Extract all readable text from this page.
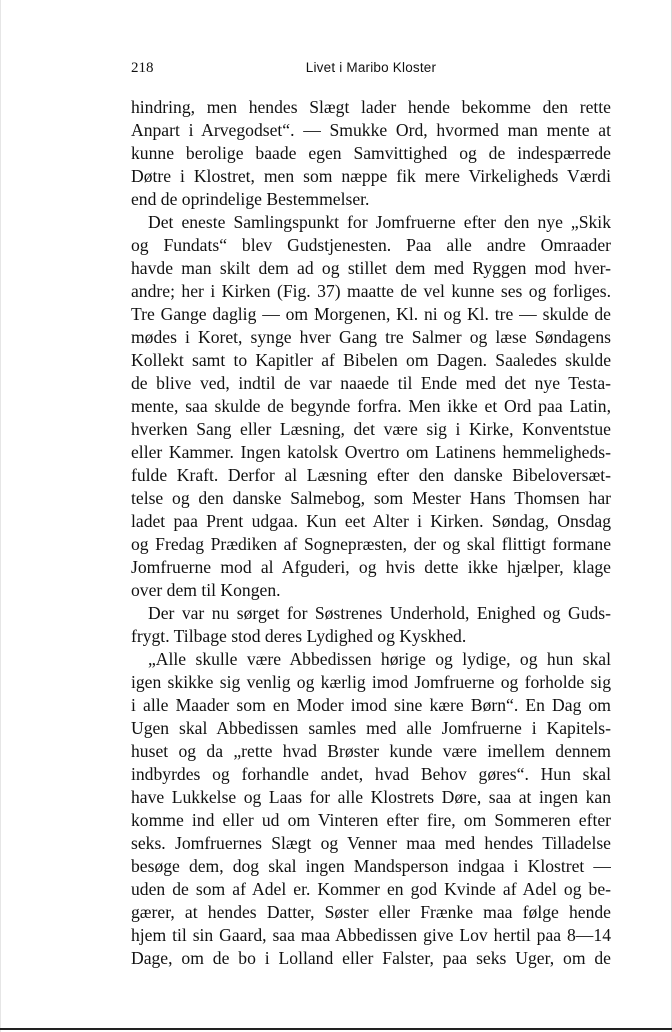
218	Livet i Maribo Kloster
hindring, men hendes Slægt lader hende bekomme den rette
Anpart i Arvegodset“. — Smukke Ord, hvormed man mente at
kunne berolige baade egen Samvittighed og de indespærrede
Døtre i Klostret, men som næppe fik mere Virkeligheds Værdi
end de oprindelige Bestemmelser.
Det eneste Samlingspunkt for Jomfruerne efter den nye „Skik
og Fundats“ blev Gudstjenesten. Paa alle andre Omraader
havde man skilt dem ad og stillet dem med Ryggen mod hver-
andre; her i Kirken (Fig. 37) maatte de vel kunne ses og forliges.
Tre Gange daglig — om Morgenen, Kl. ni og Kl. tre — skulde de
mødes i Koret, synge hver Gang tre Salmer og læse Søndagens
Kollekt samt to Kapitler af Bibelen om Dagen. Saaledes skulde
de blive ved, indtil de var naaede til Ende med det nye Testa-
mente, saa skulde de begynde forfra. Men ikke et Ord paa Latin,
hverken Sang eller Læsning, det være sig i Kirke, Konventstue
eller Kammer. Ingen katolsk Overtro om Latinens hemmeligheds-
fulde Kraft. Derfor al Læsning efter den danske Bibeloversæt-
telse og den danske Salmebog, som Mester Hans Thomsen har
ladet paa Prent udgaa. Kun eet Alter i Kirken. Søndag, Onsdag
og Fredag Prædiken af Sognepræsten, der og skal flittigt formane
Jomfruerne mod al Afguderi, og hvis dette ikke hjælper, klage
over dem til Kongen.
Der var nu sørget for Søstrenes Underhold, Enighed og Guds-
frygt. Tilbage stod deres Lydighed og Kyskhed.
„Alle skulle være Abbedissen hørige og lydige, og hun skal
igen skikke sig venlig og kærlig imod Jomfruerne og forholde sig
i alle Maader som en Moder imod sine kære Børn“. En Dag om
Ugen skal Abbedissen samles med alle Jomfruerne i Kapitels-
huset og da „rette hvad Brøster kunde være imellem dennem
indbyrdes og forhandle andet, hvad Behov gøres“. Hun skal
have Lukkelse og Laas for alle Klostrets Døre, saa at ingen kan
komme ind eller ud om Vinteren efter fire, om Sommeren efter
seks. Jomfruernes Slægt og Venner maa med hendes Tilladelse
besøge dem, dog skal ingen Mandsperson indgaa i Klostret —
uden de som af Adel er. Kommer en god Kvinde af Adel og be-
gærer, at hendes Datter, Søster eller Frænke maa følge hende
hjem til sin Gaard, saa maa Abbedissen give Lov hertil paa 8—14
Dage, om de bo i Lolland eller Falster, paa seks Uger, om de
